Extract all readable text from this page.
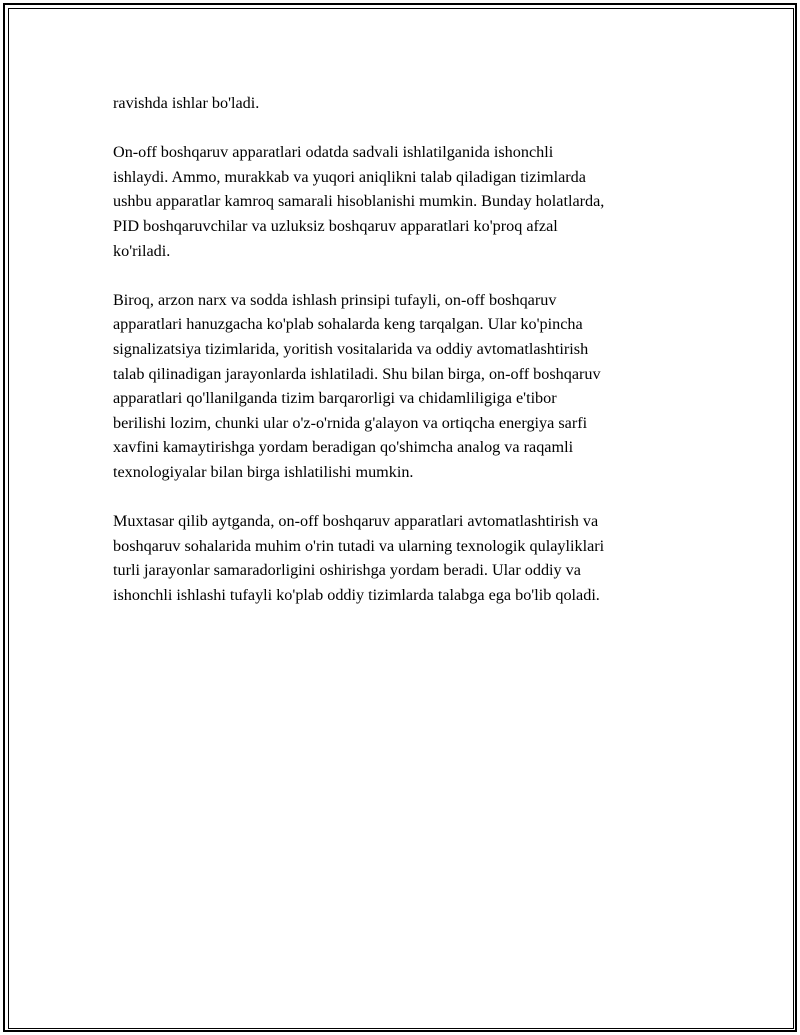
ravishda ishlar bo'ladi.

On-off boshqaruv apparatlari odatda sadvali ishlatilganida ishonchli
ishlaydi. Ammo, murakkab va yuqori aniqlikni talab qiladigan tizimlarda
ushbu apparatlar kamroq samarali hisoblanishi mumkin. Bunday holatlarda,
PID boshqaruvchilar va uzluksiz boshqaruv apparatlari ko'proq afzal
ko'riladi.

Biroq, arzon narx va sodda ishlash prinsipi tufayli, on-off boshqaruv
apparatlari hanuzgacha ko'plab sohalarda keng tarqalgan. Ular ko'pincha
signalizatsiya tizimlarida, yoritish vositalarida va oddiy avtomatlashtirish
talab qilinadigan jarayonlarda ishlatiladi. Shu bilan birga, on-off boshqaruv
apparatlari qo'llanilganda tizim barqarorligi va chidamliligiga e'tibor
berilishi lozim, chunki ular o'z-o'rnida g'alayon va ortiqcha energiya sarfi
xavfini kamaytirishga yordam beradigan qo'shimcha analog va raqamli
texnologiyalar bilan birga ishlatilishi mumkin.

Muxtasar qilib aytganda, on-off boshqaruv apparatlari avtomatlashtirish va
boshqaruv sohalarida muhim o'rin tutadi va ularning texnologik qulayliklari
turli jarayonlar samaradorligini oshirishga yordam beradi. Ular oddiy va
ishonchli ishlashi tufayli ko'plab oddiy tizimlarda talabga ega bo'lib qoladi.
